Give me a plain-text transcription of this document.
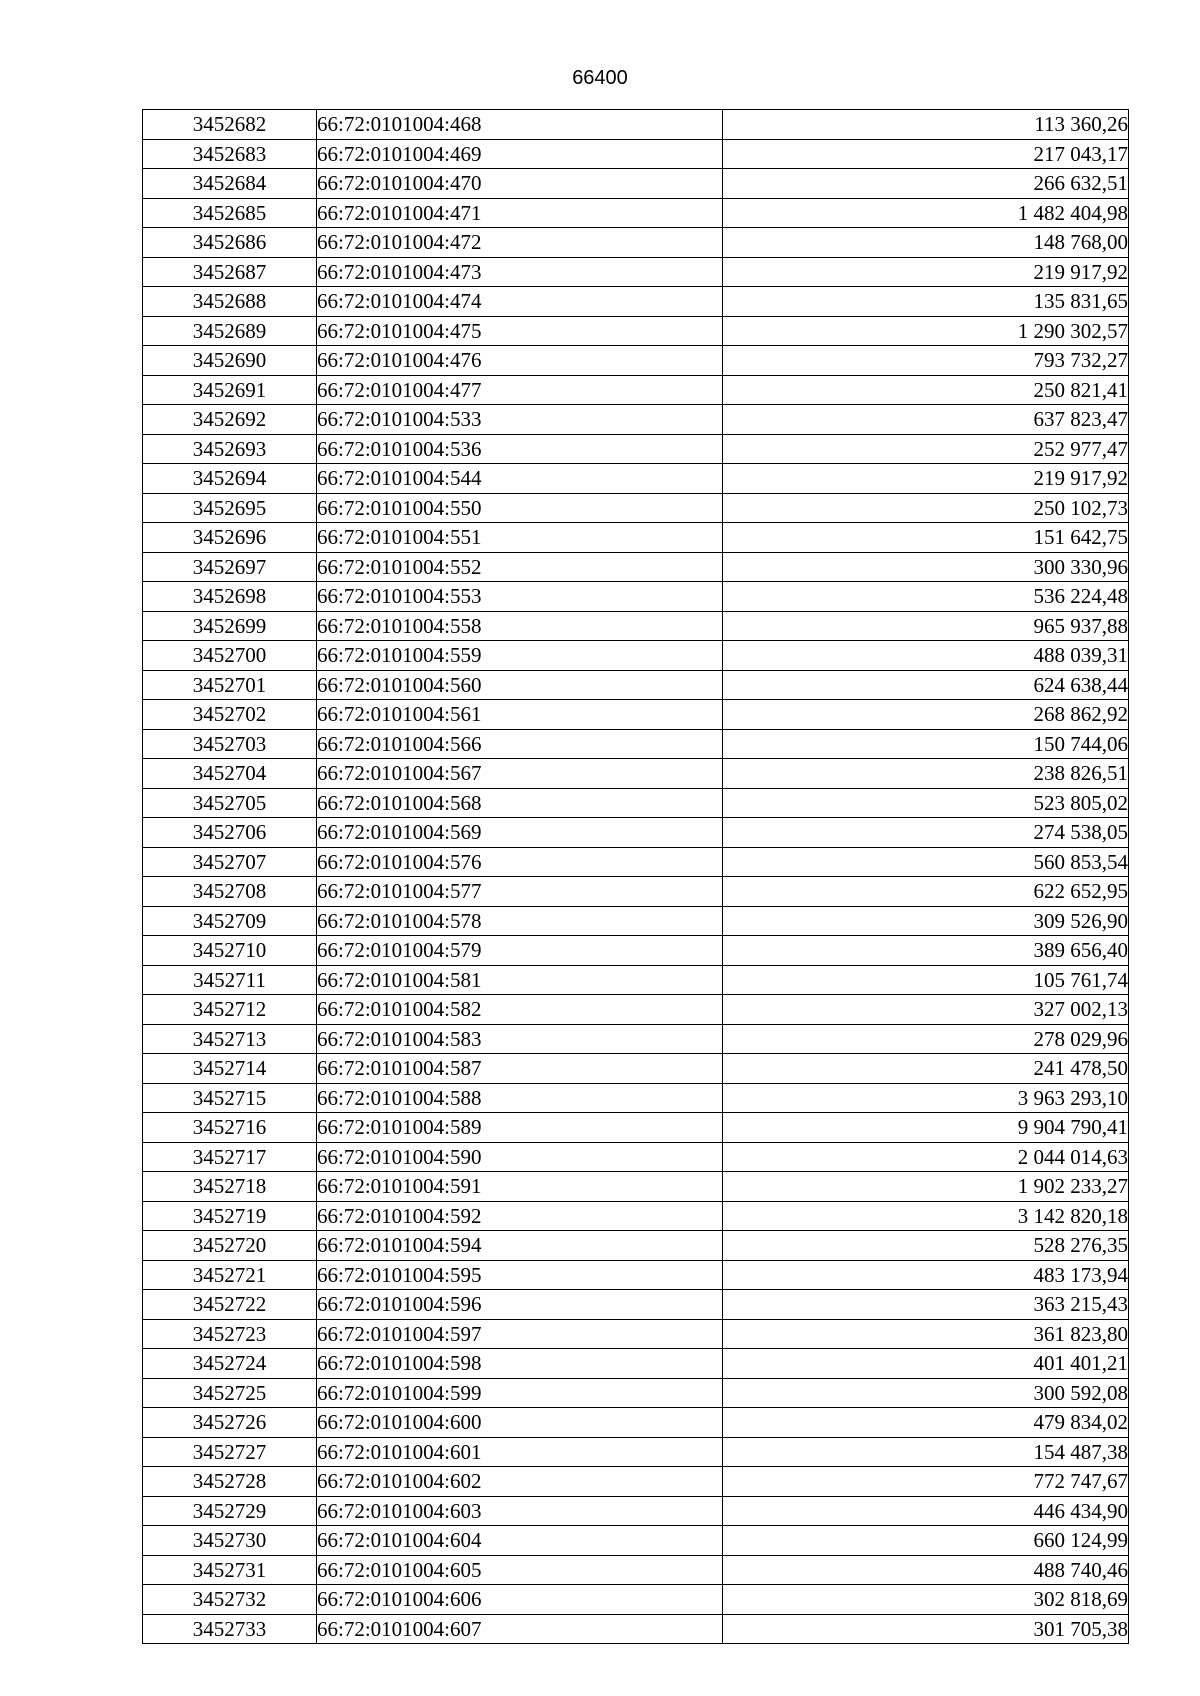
66400
3452682	66:72:0101004:468	113 360,26
3452683	66:72:0101004:469	217 043,17
3452684	66:72:0101004:470	266 632,51
3452685	66:72:0101004:471	1 482 404,98
3452686	66:72:0101004:472	148 768,00
3452687	66:72:0101004:473	219 917,92
3452688	66:72:0101004:474	135 831,65
3452689	66:72:0101004:475	1 290 302,57
3452690	66:72:0101004:476	793 732,27
3452691	66:72:0101004:477	250 821,41
3452692	66:72:0101004:533	637 823,47
3452693	66:72:0101004:536	252 977,47
3452694	66:72:0101004:544	219 917,92
3452695	66:72:0101004:550	250 102,73
3452696	66:72:0101004:551	151 642,75
3452697	66:72:0101004:552	300 330,96
3452698	66:72:0101004:553	536 224,48
3452699	66:72:0101004:558	965 937,88
3452700	66:72:0101004:559	488 039,31
3452701	66:72:0101004:560	624 638,44
3452702	66:72:0101004:561	268 862,92
3452703	66:72:0101004:566	150 744,06
3452704	66:72:0101004:567	238 826,51
3452705	66:72:0101004:568	523 805,02
3452706	66:72:0101004:569	274 538,05
3452707	66:72:0101004:576	560 853,54
3452708	66:72:0101004:577	622 652,95
3452709	66:72:0101004:578	309 526,90
3452710	66:72:0101004:579	389 656,40
3452711	66:72:0101004:581	105 761,74
3452712	66:72:0101004:582	327 002,13
3452713	66:72:0101004:583	278 029,96
3452714	66:72:0101004:587	241 478,50
3452715	66:72:0101004:588	3 963 293,10
3452716	66:72:0101004:589	9 904 790,41
3452717	66:72:0101004:590	2 044 014,63
3452718	66:72:0101004:591	1 902 233,27
3452719	66:72:0101004:592	3 142 820,18
3452720	66:72:0101004:594	528 276,35
3452721	66:72:0101004:595	483 173,94
3452722	66:72:0101004:596	363 215,43
3452723	66:72:0101004:597	361 823,80
3452724	66:72:0101004:598	401 401,21
3452725	66:72:0101004:599	300 592,08
3452726	66:72:0101004:600	479 834,02
3452727	66:72:0101004:601	154 487,38
3452728	66:72:0101004:602	772 747,67
3452729	66:72:0101004:603	446 434,90
3452730	66:72:0101004:604	660 124,99
3452731	66:72:0101004:605	488 740,46
3452732	66:72:0101004:606	302 818,69
3452733	66:72:0101004:607	301 705,38
